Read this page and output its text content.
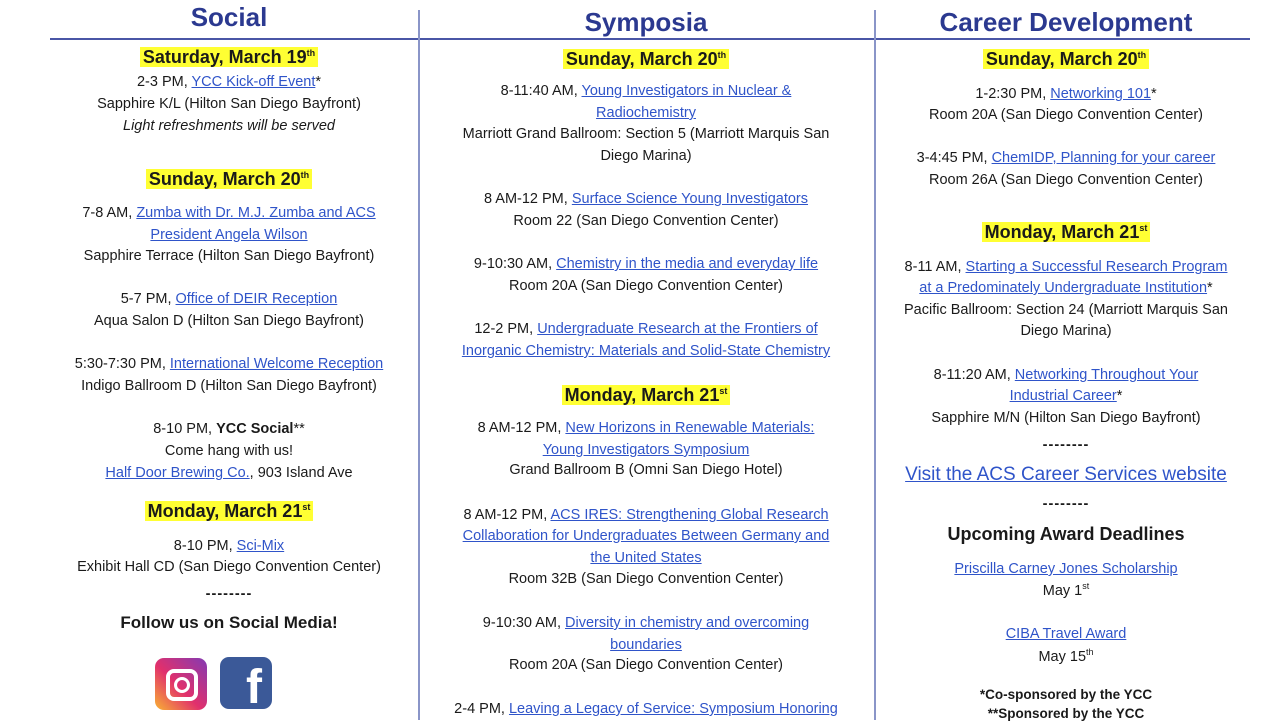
Social
Saturday, March 19th
2-3 PM, YCC Kick-off Event*
Sapphire K/L (Hilton San Diego Bayfront)
Light refreshments will be served
Sunday, March 20th
7-8 AM, Zumba with Dr. M.J. Zumba and ACS
President Angela Wilson
Sapphire Terrace (Hilton San Diego Bayfront)
5-7 PM, Office of DEIR Reception
Aqua Salon D (Hilton San Diego Bayfront)
5:30-7:30 PM, International Welcome Reception
Indigo Ballroom D (Hilton San Diego Bayfront)
8-10 PM, YCC Social**
Come hang with us!
Half Door Brewing Co., 903 Island Ave
Monday, March 21st
8-10 PM, Sci-Mix
Exhibit Hall CD (San Diego Convention Center)
--------
Follow us on Social Media!
f
Symposia
Sunday, March 20th
8-11:40 AM, Young Investigators in Nuclear &
Radiochemistry
Marriott Grand Ballroom: Section 5 (Marriott Marquis San
Diego Marina)
8 AM-12 PM, Surface Science Young Investigators
Room 22 (San Diego Convention Center)
9-10:30 AM, Chemistry in the media and everyday life
Room 20A (San Diego Convention Center)
12-2 PM, Undergraduate Research at the Frontiers of
Inorganic Chemistry: Materials and Solid-State Chemistry
Monday, March 21st
8 AM-12 PM, New Horizons in Renewable Materials:
Young Investigators Symposium
Grand Ballroom B (Omni San Diego Hotel)
8 AM-12 PM, ACS IRES: Strengthening Global Research
Collaboration for Undergraduates Between Germany and
the United States
Room 32B (San Diego Convention Center)
9-10:30 AM, Diversity in chemistry and overcoming
boundaries
Room 20A (San Diego Convention Center)
2-4 PM, Leaving a Legacy of Service: Symposium Honoring
Career Development
Sunday, March 20th
1-2:30 PM, Networking 101*
Room 20A (San Diego Convention Center)
3-4:45 PM, ChemIDP, Planning for your career
Room 26A (San Diego Convention Center)
Monday, March 21st
8-11 AM, Starting a Successful Research Program
at a Predominately Undergraduate Institution*
Pacific Ballroom: Section 24 (Marriott Marquis San
Diego Marina)
8-11:20 AM, Networking Throughout Your
Industrial Career*
Sapphire M/N (Hilton San Diego Bayfront)
--------
Visit the ACS Career Services website
--------
Upcoming Award Deadlines
Priscilla Carney Jones Scholarship
May 1st
CIBA Travel Award
May 15th
*Co-sponsored by the YCC
**Sponsored by the YCC
